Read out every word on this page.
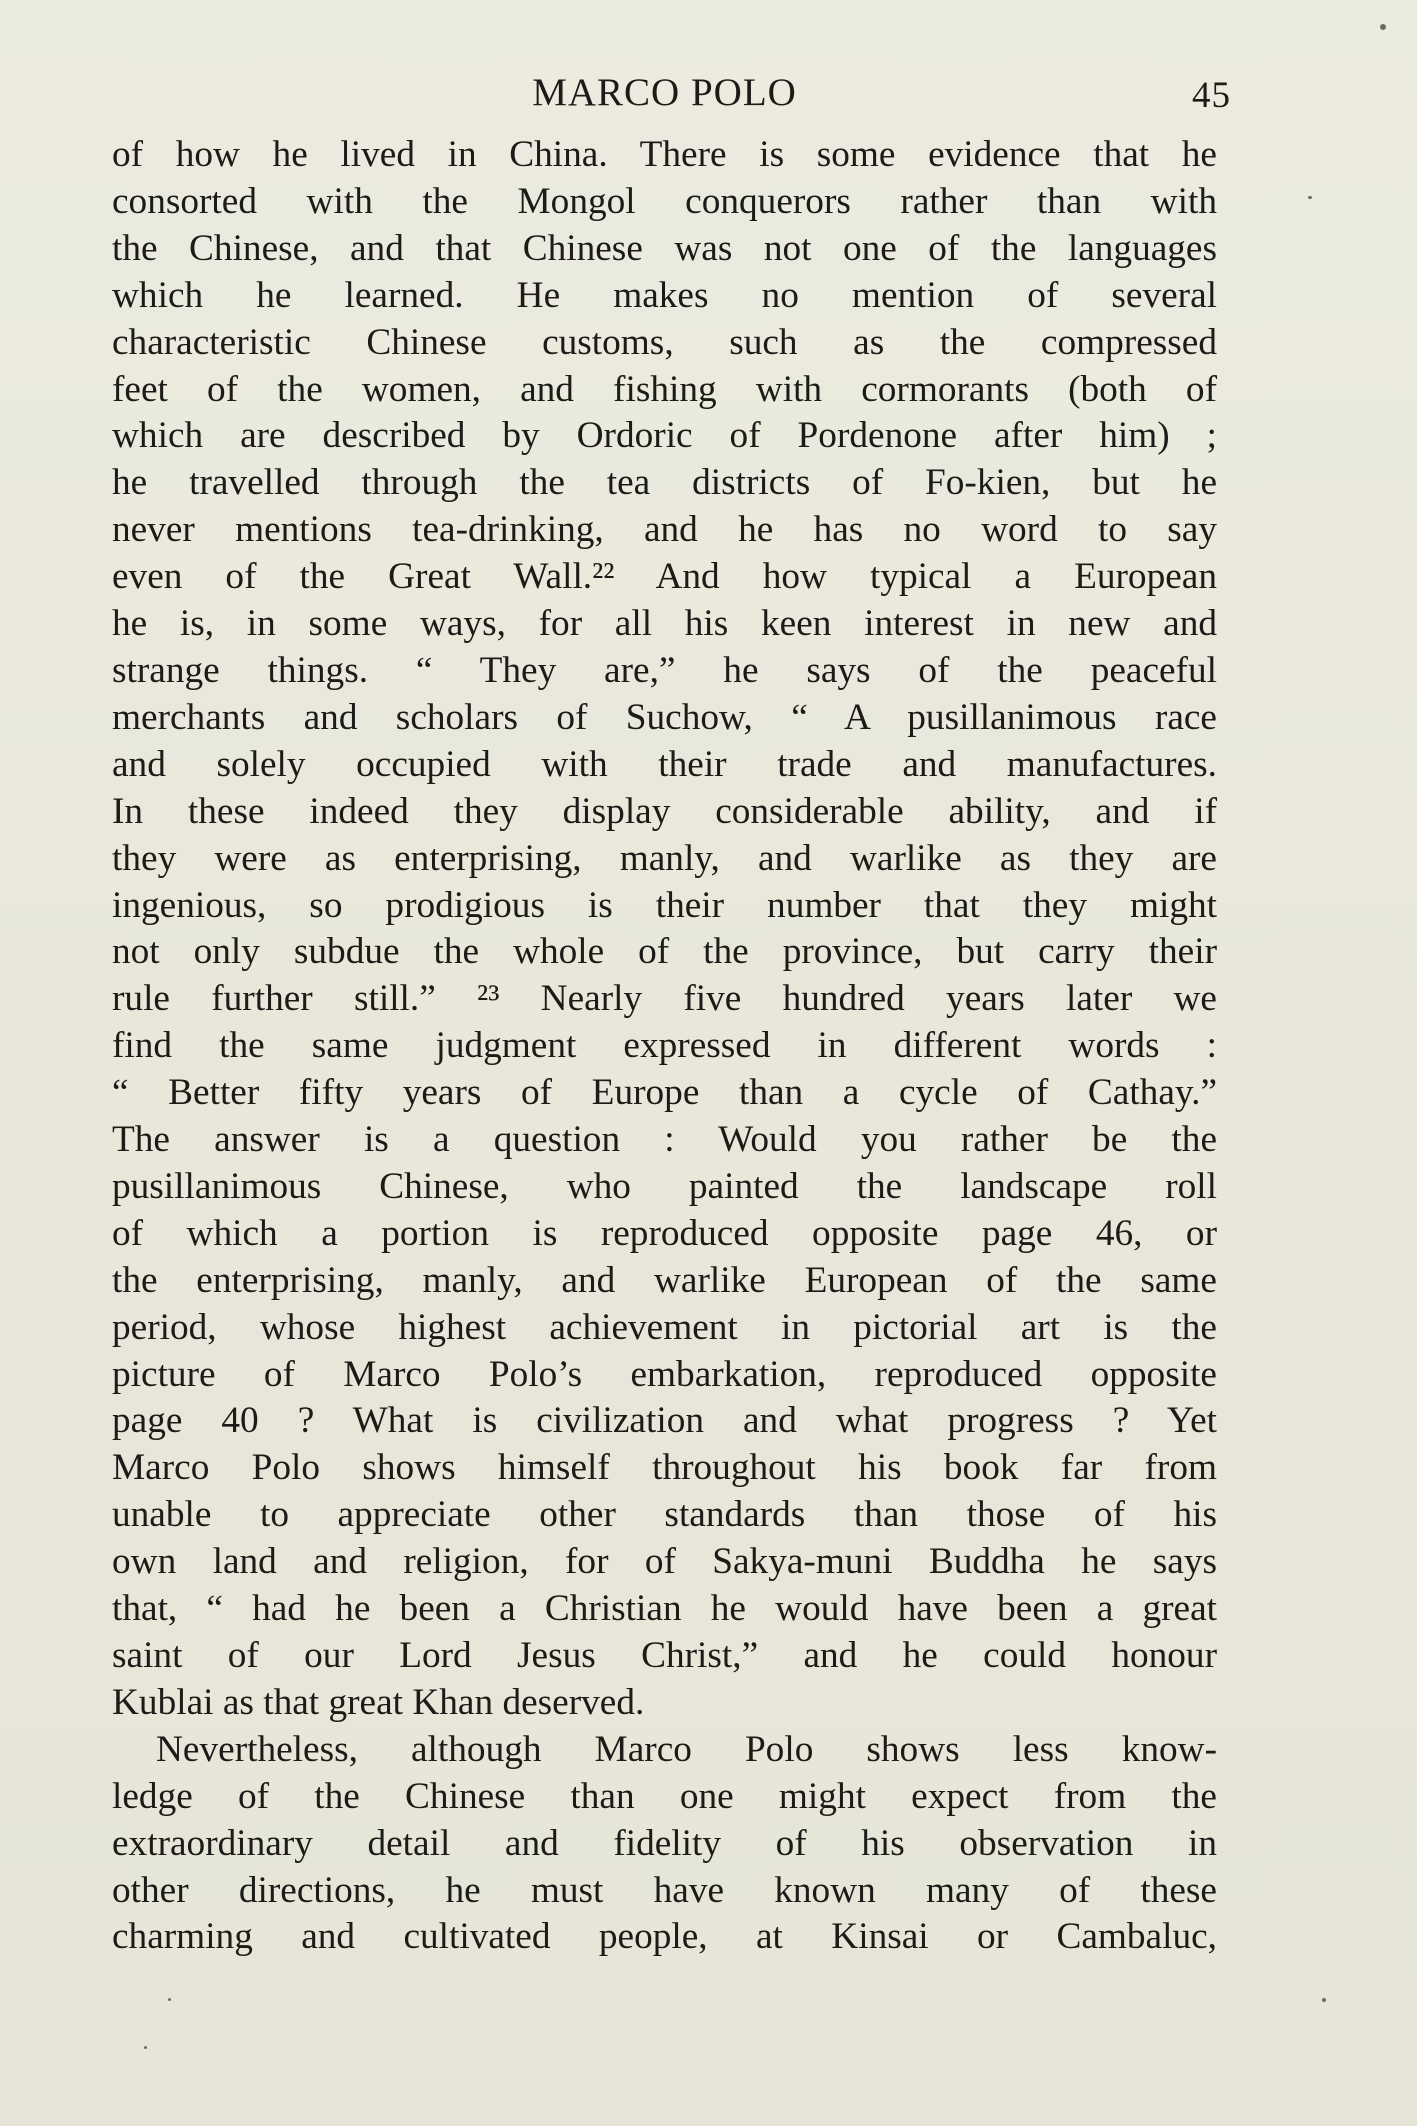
MARCO POLO	45

of how he lived in China. There is some evidence that he
consorted with the Mongol conquerors rather than with
the Chinese, and that Chinese was not one of the languages
which he learned. He makes no mention of several
characteristic Chinese customs, such as the compressed
feet of the women, and fishing with cormorants (both of
which are described by Ordoric of Pordenone after him) ;
he travelled through the tea districts of Fo-kien, but he
never mentions tea-drinking, and he has no word to say
even of the Great Wall.²² And how typical a European
he is, in some ways, for all his keen interest in new and
strange things. “ They are,” he says of the peaceful
merchants and scholars of Suchow, “ A pusillanimous race
and solely occupied with their trade and manufactures.
In these indeed they display considerable ability, and if
they were as enterprising, manly, and warlike as they are
ingenious, so prodigious is their number that they might
not only subdue the whole of the province, but carry their
rule further still.” ²³ Nearly five hundred years later we
find the same judgment expressed in different words :
“ Better fifty years of Europe than a cycle of Cathay.”
The answer is a question : Would you rather be the
pusillanimous Chinese, who painted the landscape roll
of which a portion is reproduced opposite page 46, or
the enterprising, manly, and warlike European of the same
period, whose highest achievement in pictorial art is the
picture of Marco Polo’s embarkation, reproduced opposite
page 40 ? What is civilization and what progress ? Yet
Marco Polo shows himself throughout his book far from
unable to appreciate other standards than those of his
own land and religion, for of Sakya-muni Buddha he says
that, “ had he been a Christian he would have been a great
saint of our Lord Jesus Christ,” and he could honour
Kublai as that great Khan deserved.

Nevertheless, although Marco Polo shows less know-
ledge of the Chinese than one might expect from the
extraordinary detail and fidelity of his observation in
other directions, he must have known many of these
charming and cultivated people, at Kinsai or Cambaluc,
